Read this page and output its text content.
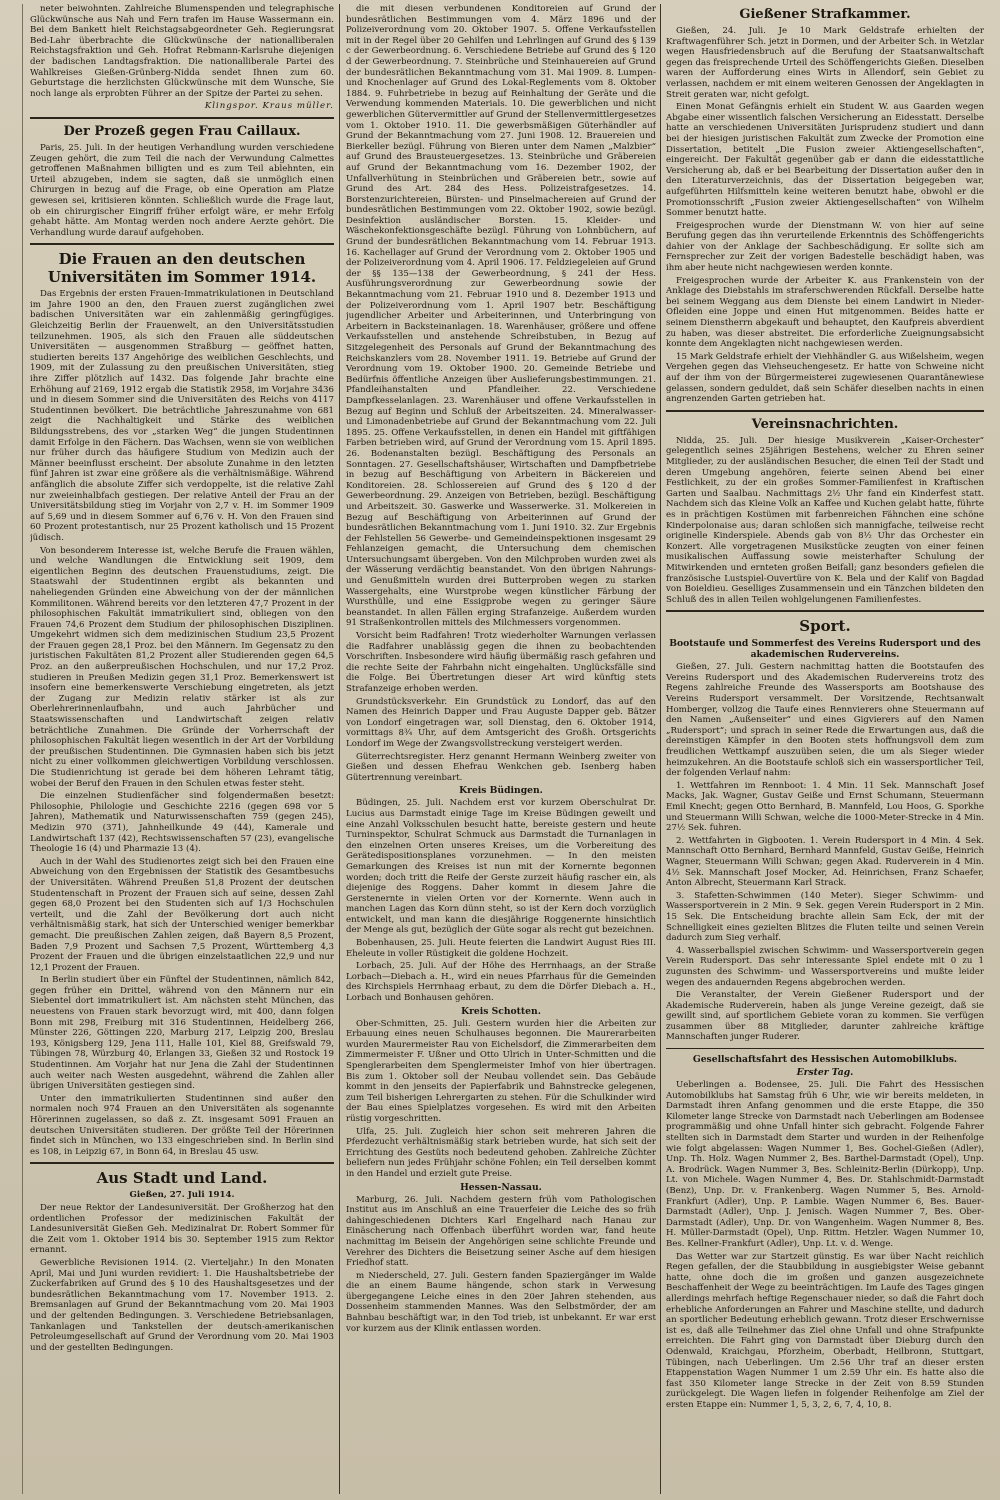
neter beiwohnten. Zahlreiche Blumenspenden und telegraphische Glückwünsche aus Nah und Fern trafen im Hause Wassermann ein. Bei dem Bankett hielt Reichstagsabgeordneter Geh. Regierungsrat Bed-Lahr überbrachte die Glückwünsche der nationalliberalen Reichstagsfraktion und Geh. Hofrat Rebmann-Karlsruhe diejenigen der badischen Landtagsfraktion. Die nationalliberale Partei des Wahlkreises Gießen-Grünberg-Nidda sendet Ihnen zum 60. Geburtstage die herzlichsten Glückwünsche mit dem Wunsche, Sie noch lange als erprobten Führer an der Spitze der Partei zu sehen.

Klingspor. Kraus müller.
Der Prozeß gegen Frau Caillaux.

Paris, 25. Juli. In der heutigen Verhandlung wurden verschiedene Zeugen gehört, die zum Teil die nach der Verwundung Calmettes getroffenen Maßnahmen billigten und es zum Teil ablehnten, ein Urteil abzugeben, indem sie sagten, daß sie unmöglich einen Chirurgen in bezug auf die Frage, ob eine Operation am Platze gewesen sei, kritisieren könnten. Schließlich wurde die Frage laut, ob ein chirurgischer Eingriff früher erfolgt wäre, er mehr Erfolg gehabt hätte. Am Montag werden noch andere Aerzte gehört. Die Verhandlung wurde darauf aufgehoben.

Die Frauen an den deutschen Universitäten im Sommer 1914.

Das Ergebnis der ersten Frauen-Immatrikulationen in Deutschland im Jahre 1900 an den, den Frauen zuerst zugänglichen zwei badischen Universitäten war ein zahlenmäßig geringfügiges. Gleichzeitig Berlin der Frauenwelt, an den Universitätsstudien teilzunehmen. 1905, als sich den Frauen alle süddeutschen Universitäten — ausgenommen Straßburg — geöffnet hatten, studierten bereits 137 Angehörige des weiblichen Geschlechts, und 1909, mit der Zulassung zu den preußischen Universitäten, stieg ihre Ziffer plötzlich auf 1432. Das folgende Jahr brachte eine Erhöhung auf 2169, 1912 ergab die Statistik 2958, im Vorjahre 3436 und in diesem Sommer sind die Universitäten des Reichs von 4117 Studentinnen bevölkert. Die beträchtliche Jahreszunahme von 681 zeigt die Nachhaltigkeit und Stärke des weiblichen Bildungsstrebens, des vor „starken Weg“ die jungen Studentinnen damit Erfolge in den Fächern. Das Wachsen, wenn sie von weiblichen nur früher durch das häufigere Studium von Medizin auch der Männer beeinflusst erscheint. Der absolute Zunahme in den letzten fünf Jahren ist zwar eine größere als die verhältnismäßige. Während anfänglich die absolute Ziffer sich verdoppelte, ist die relative Zahl nur zweieinhalbfach gestiegen. Der relative Anteil der Frau an der Universitätsbildung stieg im Vorjahr von 2,7 v. H. im Sommer 1909 auf 5,69 und in diesem Sommer auf 6,76 v. H. Von den Frauen sind 60 Prozent protestantisch, nur 25 Prozent katholisch und 15 Prozent jüdisch.

Von besonderem Interesse ist, welche Berufe die Frauen wählen, und welche Wandlungen die Entwicklung seit 1909, dem eigentlichen Beginn des deutschen Frauenstudiums, zeigt. Die Staatswahl der Studentinnen ergibt als bekannten und naheliegenden Gründen eine Abweichung von der der männlichen Kommilitonen. Während bereits vor den letzteren 47,7 Prozent in der philosophischen Fakultät immatrikuliert sind, obliegen von den Frauen 74,6 Prozent dem Studium der philosophischen Disziplinen. Umgekehrt widmen sich dem medizinischen Studium 23,5 Prozent der Frauen gegen 28,1 Proz. bei den Männern. Im Gegensatz zu den juristischen Fakultäten 81,2 Prozent aller Studierenden gegen 64,5 Proz. an den außerpreußischen Hochschulen, und nur 17,2 Proz. studieren in Preußen Medizin gegen 31,1 Proz. Bemerkenswert ist insofern eine bemerkenswerte Verschiebung eingetreten, als jetzt der Zugang zur Medizin relativ stärker ist als zur Oberlehrerinnenlaufbahn, und auch Jahrbücher und Staatswissenschaften und Landwirtschaft zeigen relativ beträchtliche Zunahmen. Die Gründe der Vorherrschaft der philosophischen Fakultät liegen wesentlich in der Art der Vorbildung der preußischen Studentinnen. Die Gymnasien haben sich bis jetzt nicht zu einer vollkommen gleichwertigen Vorbildung verschlossen. Die Studienrichtung ist gerade bei dem höheren Lehramt tätig, wobei der Beruf den Frauen in den Schulen etwas fester steht.

Die einzelnen Studienfächer sind folgendermaßen besetzt: Philosophie, Philologie und Geschichte 2216 (gegen 698 vor 5 Jahren), Mathematik und Naturwissenschaften 759 (gegen 245), Medizin 970 (371), Jahnheilkunde 49 (44), Kamerale und Landwirtschaft 137 (42), Rechtswissenschaften 57 (23), evangelische Theologie 16 (4) und Pharmazie 13 (4).

Auch in der Wahl des Studienortes zeigt sich bei den Frauen eine Abweichung von den Ergebnissen der Statistik des Gesamtbesuchs der Universitäten. Während Preußen 51,8 Prozent der deutschen Studentenschaft in Prozent der Frauen sich auf seine, dessen Zahl gegen 68,0 Prozent bei den Studenten sich auf 1/3 Hochschulen verteilt, und die Zahl der Bevölkerung dort auch nicht verhältnismäßig stark, hat sich der Unterschied weniger bemerkbar gemacht. Die preußischen Zahlen zeigen, daß Bayern 8,5 Prozent, Baden 7,9 Prozent und Sachsen 7,5 Prozent, Württemberg 4,3 Prozent der Frauen und die übrigen einzelstaatlichen 22,9 und nur 12,1 Prozent der Frauen.

In Berlin studiert über ein Fünftel der Studentinnen, nämlich 842, gegen früher ein Drittel, während von den Männern nur ein Siebentel dort immatrikuliert ist. Am nächsten steht München, das neuestens von Frauen stark bevorzugt wird, mit 400, dann folgen Bonn mit 298, Freiburg mit 316 Studentinnen, Heidelberg 266, Münster 226, Göttingen 220, Marburg 217, Leipzig 200, Breslau 193, Königsberg 129, Jena 111, Halle 101, Kiel 88, Greifswald 79, Tübingen 78, Würzburg 40, Erlangen 33, Gießen 32 und Rostock 19 Studentinnen. Am Vorjahr hat nur Jena die Zahl der Studentinnen auch weiter nach Westen ausgedehnt, während die Zahlen aller übrigen Universitäten gestiegen sind.

Unter den immatrikulierten Studentinnen sind außer den normalen noch 974 Frauen an den Universitäten als sogenannte Hörerinnen zugelassen, so daß z. Zt. insgesamt 5091 Frauen an deutschen Universitäten studieren. Der größte Teil der Hörerinnen findet sich in München, wo 133 eingeschrieben sind. In Berlin sind es 108, in Leipzig 67, in Bonn 64, in Breslau 45 usw.

Aus Stadt und Land.
Gießen, 27. Juli 1914.

Der neue Rektor der Landesuniversität. Der Großherzog hat den ordentlichen Professor der medizinischen Fakultät der Landesuniversität Gießen Geh. Medizinalrat Dr. Robert Sommer für die Zeit vom 1. Oktober 1914 bis 30. September 1915 zum Rektor ernannt.

Gewerbliche Revisionen 1914. (2. Vierteljahr.) In den Monaten April, Mai und Juni wurden revidiert: 1. Die Haushaltsbetriebe der Zuckerfabriken auf Grund des § 10 des Haushaltsgesetzes und der bundesrätlichen Bekanntmachung vom 17. November 1913. 2. Bremsanlagen auf Grund der Bekanntmachung vom 20. Mai 1903 und der geltenden Bedingungen. 3. Verschiedene Betriebsanlagen, Tankanlagen und Tankstellen der deutsch-amerikanischen Petroleumgesellschaft auf Grund der Verordnung vom 20. Mai 1903 und der gestellten Bedingungen.

die mit diesen verbundenen Konditoreien auf Grund der bundesrätlichen Bestimmungen vom 4. März 1896 und der Polizeiverordnung vom 20. Oktober 1907. 5. Offene Verkaufsstellen mit in der Regel über 20 Gehilfen und Lehrlingen auf Grund des § 139 c der Gewerbeordnung. 6. Verschiedene Betriebe auf Grund des § 120 d der Gewerbeordnung. 7. Steinbrüche und Steinhauereien auf Grund der bundesrätlichen Bekanntmachung vom 31. Mai 1909. 8. Lumpen- und Knochenlager auf Grund des Lokal-Reglements vom 8. Oktober 1884. 9. Fuhrbetriebe in bezug auf Reinhaltung der Geräte und die Verwendung kommenden Materials. 10. Die gewerblichen und nicht gewerblichen Gütervermittler auf Grund der Stellenvermittlergesetzes vom 1. Oktober 1910. 11. Die gewerbsmäßigen Güterhändler auf Grund der Bekanntmachung vom 27. Juni 1908. 12. Brauereien und Bierkeller bezügl. Führung von Bieren unter dem Namen „Malzbier“ auf Grund des Brausteuergesetzes. 13. Steinbrüche und Gräbereien auf Grund der Bekanntmachung vom 16. Dezember 1902, der Unfallverhütung in Steinbrüchen und Gräbereien betr., sowie auf Grund des Art. 284 des Hess. Polizeistrafgesetzes. 14. Borstenzurichtereien, Bürsten- und Pinselmachereien auf Grund der bundesrätlichen Bestimmungen vom 22. Oktober 1902, sowie bezügl. Desinfektion ausländischer Borsten. 15. Kleider- und Wäschekonfektionsgeschäfte bezügl. Führung von Lohnbüchern, auf Grund der bundesrätlichen Bekanntmachung vom 14. Februar 1913. 16. Kachellager auf Grund der Verordnung vom 2. Oktober 1905 und der Polizeiverordnung vom 4. April 1906. 17. Feldziegeleien auf Grund der §§ 135—138 der Gewerbeordnung, § 241 der Hess. Ausführungsverordnung zur Gewerbeordnung sowie der Bekanntmachung vom 21. Februar 1910 und 8. Dezember 1913 und der Polizeiverordnung vom 1. April 1907 betr. Beschäftigung jugendlicher Arbeiter und Arbeiterinnen, und Unterbringung von Arbeitern in Backsteinanlagen. 18. Warenhäuser, größere und offene Verkaufsstellen und anstehende Schreibstuben, in Bezug auf Sitzgelegenheit des Personals auf Grund der Bekanntmachung des Reichskanzlers vom 28. November 1911. 19. Betriebe auf Grund der Verordnung vom 19. Oktober 1900. 20. Gemeinde Betriebe und Bedürfnis öffentliche Anzeigen über Auslieferungsbestimmungen. 21. Pfandleihanstalten und Pfandleiher. 22. Verschiedene Dampfkesselanlagen. 23. Warenhäuser und offene Verkaufsstellen in Bezug auf Beginn und Schluß der Arbeitszeiten. 24. Mineralwasser- und Limonadenbetriebe auf Grund der Bekanntmachung vom 22. Juli 1895. 25. Offene Verkaufsstellen, in denen ein Handel mit giftfähigen Farben betrieben wird, auf Grund der Verordnung vom 15. April 1895. 26. Bodenanstalten bezügl. Beschäftigung des Personals an Sonntagen. 27. Gesellschaftshäuser, Wirtschaften und Dampfbetriebe in bezug auf Beschäftigung von Arbeitern in Bäckereien und Konditoreien. 28. Schlossereien auf Grund des § 120 d der Gewerbeordnung. 29. Anzeigen von Betrieben, bezügl. Beschäftigung und Arbeitszeit. 30. Gaswerke und Wasserwerke. 31. Molkereien in Bezug auf Beschäftigung von Arbeiterinnen auf Grund der bundesrätlichen Bekanntmachung vom 1. Juni 1910. 32. Zur Ergebnis der Fehlstellen 56 Gewerbe- und Gemeindeinspektionen insgesamt 29 Fehlanzeigen gemacht, die Untersuchung dem chemischen Untersuchungsamt übergeben. Von den Milchproben wurden zwei als der Wässerung verdächtig beanstandet. Von den übrigen Nahrungs- und Genußmitteln wurden drei Butterproben wegen zu starken Wassergehalts, eine Wurstprobe wegen künstlicher Färbung der Wursthülle, und eine Essigprobe wegen zu geringer Säure beanstandet. In allen Fällen erging Strafanzeige. Außerdem wurden 91 Straßenkontrollen mittels des Milchmessers vorgenommen.

Vorsicht beim Radfahren! Trotz wiederholter Warnungen verlassen die Radfahrer unablässig gegen die ihnen zu beobachtenden Vorschriften. Insbesondere wird häufig übermäßig rasch gefahren und die rechte Seite der Fahrbahn nicht eingehalten. Unglücksfälle sind die Folge. Bei Übertretungen dieser Art wird künftig stets Strafanzeige erhoben werden.

Grundstücksverkehr. Ein Grundstück zu Londorf, das auf den Namen des Heinrich Dapper und Frau Auguste Dapper geb. Bätzer von Londorf eingetragen war, soll Dienstag, den 6. Oktober 1914, vormittags 8¾ Uhr, auf dem Amtsgericht des Großh. Ortsgerichts Londorf im Wege der Zwangsvollstreckung versteigert werden.

Güterrechtsregister. Herz genannt Hermann Weinberg zweiter von Gießen und dessen Ehefrau Wenkchen geb. Isenberg haben Gütertrennung vereinbart.

Kreis Büdingen.

Büdingen, 25. Juli. Nachdem erst vor kurzem Oberschulrat Dr. Lucius aus Darmstadt einige Tage im Kreise Büdingen geweilt und eine Anzahl Volksschulen besucht hatte, bereiste gestern und heute Turninspektor, Schulrat Schmuck aus Darmstadt die Turnanlagen in den einzelnen Orten unseres Kreises, um die Vorbereitung des Gerätedispositionsplanes vorzunehmen. — In den meisten Gemarkungen des Kreises ist nun mit der Kornernte begonnen worden; doch tritt die Reife der Gerste zurzeit häufig rascher ein, als diejenige des Roggens. Daher kommt in diesem Jahre die Gerstenernte in vielen Orten vor der Kornernte. Wenn auch in manchen Lagen das Korn dünn steht, so ist der Kern doch vorzüglich entwickelt, und man kann die diesjährige Roggenernte hinsichtlich der Menge als gut, bezüglich der Güte sogar als recht gut bezeichnen.

Bobenhausen, 25. Juli. Heute feierten die Landwirt August Ries III. Eheleute in voller Rüstigkeit die goldene Hochzeit.

Lorbach, 25. Juli. Auf der Höhe des Herrnhaags, an der Straße Lorbach—Diebach a. H., wird ein neues Pfarrhaus für die Gemeinden des Kirchspiels Herrnhaag erbaut, zu dem die Dörfer Diebach a. H., Lorbach und Bonhausen gehören.

Kreis Schotten.

Ober-Schmitten, 25. Juli. Gestern wurden hier die Arbeiten zur Erbauung eines neuen Schulhauses begonnen. Die Maurerarbeiten wurden Maurermeister Rau von Eichelsdorf, die Zimmerarbeiten dem Zimmermeister F. Ußner und Otto Ulrich in Unter-Schmitten und die Spenglerarbeiten dem Spenglermeister Imhof von hier übertragen. Bis zum 1. Oktober soll der Neubau vollendet sein. Das Gebäude kommt in den jenseits der Papierfabrik und Bahnstrecke gelegenen, zum Teil bisherigen Lehrergarten zu stehen. Für die Schulkinder wird der Bau eines Spielplatzes vorgesehen. Es wird mit den Arbeiten rüstig vorgeschritten.

Ulfa, 25. Juli. Zugleich hier schon seit mehreren Jahren die Pferdezucht verhältnismäßig stark betrieben wurde, hat sich seit der Errichtung des Gestüts noch bedeutend gehoben. Zahlreiche Züchter beliefern nun jedes Frühjahr schöne Fohlen; ein Teil derselben kommt in den Handel und erzielt gute Preise.

Hessen-Nassau.

Marburg, 26. Juli. Nachdem gestern früh vom Pathologischen Institut aus im Anschluß an eine Trauerfeier die Leiche des so früh dahingeschiedenen Dichters Karl Engelhard nach Hanau zur Einäscherung nach Offenbach überführt worden war, fand heute nachmittag im Beisein der Angehörigen seine schlichte Freunde und Verehrer des Dichters die Beisetzung seiner Asche auf dem hiesigen Friedhof statt.

m Niederscheld, 27. Juli. Gestern fanden Spaziergänger im Walde die an einem Baume hängende, schon stark in Verwesung übergegangene Leiche eines in den 20er Jahren stehenden, aus Dossenheim stammenden Mannes. Was den Selbstmörder, der am Bahnbau beschäftigt war, in den Tod trieb, ist unbekannt. Er war erst vor kurzem aus der Klinik entlassen worden.

Gießener Strafkammer.

Gießen, 24. Juli. Je 10 Mark Geldstrafe erhielten der Kraftwagenführer Sch. jetzt in Dormen, und der Arbeiter Sch. in Wetzlar wegen Hausfriedensbruch auf die Berufung der Staatsanwaltschaft gegen das freisprechende Urteil des Schöffengerichts Gießen. Dieselben waren der Aufforderung eines Wirts in Allendorf, sein Gebiet zu verlassen, nachdem er mit einem weiteren Genossen der Angeklagten in Streit geraten war, nicht gefolgt.

Einen Monat Gefängnis erhielt ein Student W. aus Gaarden wegen Abgabe einer wissentlich falschen Versicherung an Eidesstatt. Derselbe hatte an verschiedenen Universitäten Jurisprudenz studiert und dann bei der hiesigen juristischen Fakultät zum Zwecke der Promotion eine Dissertation, betitelt „Die Fusion zweier Aktiengesellschaften“, eingereicht. Der Fakultät gegenüber gab er dann die eidesstattliche Versicherung ab, daß er bei Bearbeitung der Dissertation außer den in den Literaturverzeichnis, das der Dissertation beigegeben war, aufgeführten Hilfsmitteln keine weiteren benutzt habe, obwohl er die Promotionsschrift „Fusion zweier Aktiengesellschaften“ von Wilhelm Sommer benutzt hatte.

Freigesprochen wurde der Dienstmann W. von hier auf seine Berufung gegen das ihn verurteilende Erkenntnis des Schöffengerichts dahier von der Anklage der Sachbeschädigung. Er sollte sich am Fernsprecher zur Zeit der vorigen Badestelle beschädigt haben, was ihm aber heute nicht nachgewiesen werden konnte.

Freigesprochen wurde der Arbeiter K. aus Frankenstein von der Anklage des Diebstahls im straferschwerenden Rückfall. Derselbe hatte bei seinem Weggang aus dem Dienste bei einem Landwirt in Nieder-Ofleiden eine Joppe und einen Hut mitgenommen. Beides hatte er seinem Dienstherrn abgekauft und behauptet, den Kaufpreis abverdient zu haben, was dieser abstreitet. Die erforderliche Zueignungsabsicht konnte dem Angeklagten nicht nachgewiesen werden.

15 Mark Geldstrafe erhielt der Viehhändler G. aus Wißelsheim, wegen Vergehen gegen das Viehseuchengesetz. Er hatte von Schweine nicht auf der ihm von der Bürgermeisterei zugewiesenen Quarantänewiese gelassen, sondern geduldet, daß sein Schäfer dieselben nachts in einen angrenzenden Garten getrieben hat.

Vereinsnachrichten.

Nidda, 25. Juli. Der hiesige Musikverein „Kaiser-Orchester“ gelegentlich seines 25jährigen Bestehens, welcher zu Ehren seiner Mitglieder, zu der ausländischen Besucher, die einen Teil der Stadt und deren Umgebung angehören, feierte seinen Abend bei einer Festlichkeit, zu der ein großes Sommer-Familienfest in Kraftischen Garten und Saalbau. Nachmittags 2½ Uhr fand ein Kinderfest statt. Nachdem sich das Kleine Volk an Kaffee und Kuchen gelabt hatte, führte es in prächtigen Kostümen mit farbenreichen Fähnchen eine schöne Kinderpolonaise aus; daran schloßen sich mannigfache, teilweise recht originelle Kinderspiele. Abends gab von 8½ Uhr das Orchester ein Konzert. Alle vorgetragenen Musikstücke zeugten von einer feinen musikalischen Auffassung sowie meisterhafter Schulung der Mitwirkenden und ernteten großen Beifall; ganz besonders gefielen die französische Lustspiel-Ouvertüre von K. Bela und der Kalif von Bagdad von Boieldieu. Geselliges Zusammensein und ein Tänzchen bildeten den Schluß des in allen Teilen wohlgelungenen Familienfestes.

Sport.
Bootstaufe und Sommerfest des Vereins Rudersport und des akademischen Rudervereins.

Gießen, 27. Juli. Gestern nachmittag hatten die Bootstaufen des Vereins Rudersport und des Akademischen Rudervereins trotz des Regens zahlreiche Freunde des Wassersports am Bootshause des Vereins Rudersport versammelt. Der Vorsitzende, Rechtsanwalt Homberger, vollzog die Taufe eines Rennvierers ohne Steuermann auf den Namen „Außenseiter“ und eines Gigvierers auf den Namen „Rudersport“; und sprach in seiner Rede die Erwartungen aus, daß die dereinstigen Kämpfer in den Booten stets hoffnungsvoll dem zum freudlichen Wettkampf auszuüben seien, die um als Sieger wieder heimzukehren. An die Bootstaufe schloß sich ein wassersportlicher Teil, der folgenden Verlauf nahm:

1. Wettfahren im Rennboot: 1. 4 Min. 11 Sek. Mannschaft Josef Macks, Jak. Wagner, Gustav Geiße und Ernst Schumann, Steuermann Emil Knecht; gegen Otto Bernhard, B. Mannfeld, Lou Hoos, G. Sporkhe und Steuermann Willi Schwan, welche die 1000-Meter-Strecke in 4 Min. 27½ Sek. fuhren.

2. Wettfahrten in Gigbooten. 1. Verein Rudersport in 4 Min. 4 Sek. Mannschaft Otto Bernhard, Bernhard Mannfeld, Gustav Geiße, Heinrich Wagner, Steuermann Willi Schwan; gegen Akad. Ruderverein in 4 Min. 4½ Sek. Mannschaft Josef Mocker, Ad. Heinrichsen, Franz Schaefer, Anton Albrecht, Steuermann Karl Strack.

3. Stafetten-Schwimmen (140 Meter). Sieger Schwimm- und Wassersportverein in 2 Min. 9 Sek. gegen Verein Rudersport in 2 Min. 15 Sek. Die Entscheidung brachte allein Sam Eck, der mit der Schnelligkeit eines gezielten Blitzes die Fluten teilte und seinen Verein dadurch zum Sieg verhalf.

4. Wasserballspiel zwischen Schwimm- und Wassersportverein gegen Verein Rudersport. Das sehr interessante Spiel endete mit 0 zu 1 zugunsten des Schwimm- und Wassersportvereins und mußte leider wegen des andauernden Regens abgebrochen werden.

Die Veranstalter, der Verein Gießener Rudersport und der Akademische Ruderverein, haben als junge Vereine gezeigt, daß sie gewillt sind, auf sportlichem Gebiete voran zu kommen. Sie verfügen zusammen über 88 Mitglieder, darunter zahlreiche kräftige Mannschaften junger Ruderer.

Gesellschaftsfahrt des Hessischen Automobilklubs.
Erster Tag.

Ueberlingen a. Bodensee, 25. Juli. Die Fahrt des Hessischen Automobilklubs hat Samstag früh 6 Uhr, wie wir bereits meldeten, in Darmstadt ihren Anfang genommen und die erste Etappe, die 350 Kilometer lange Strecke von Darmstadt nach Ueberlingen am Bodensee programmäßig und ohne Unfall hinter sich gebracht. Folgende Fahrer stellten sich in Darmstadt dem Starter und wurden in der Reihenfolge wie folgt abgelassen: Wagen Nummer 1, Bes. Gochel-Gießen (Adler), Unp. Th. Holz. Wagen Nummer 2, Bes. Barthel-Darmstadt (Opel), Unp. A. Brodrück. Wagen Nummer 3, Bes. Schleinitz-Berlin (Dürkopp), Unp. Lt. von Michele. Wagen Nummer 4, Bes. Dr. Stahlschmidt-Darmstadt (Benz), Unp. Dr. v. Frankenberg. Wagen Nummer 5, Bes. Arnold-Frankfurt (Adler), Unp. P. Lambie. Wagen Nummer 6, Bes. Bauer-Darmstadt (Adler), Unp. J. Jenisch. Wagen Nummer 7, Bes. Ober-Darmstadt (Adler), Unp. Dr. von Wangenheim. Wagen Nummer 8, Bes. H. Müller-Darmstadt (Opel), Unp. Rittm. Hetzler. Wagen Nummer 10, Bes. Kellner-Frankfurt (Adler), Unp. Lt. v. d. Wenge.

Das Wetter war zur Startzeit günstig. Es war über Nacht reichlich Regen gefallen, der die Staubbildung in ausgiebigster Weise gebannt hatte, ohne doch die im großen und ganzen ausgezeichnete Beschaffenheit der Wege zu beeinträchtigen. Im Laufe des Tages gingen allerdings mehrfach heftige Regenschauer nieder, so daß die Fahrt doch erhebliche Anforderungen an Fahrer und Maschine stellte, und dadurch an sportlicher Bedeutung erheblich gewann. Trotz dieser Erschwernisse ist es, daß alle Teilnehmer das Ziel ohne Unfall und ohne Strafpunkte erreichten. Die Fahrt ging von Darmstadt über Dieburg durch den Odenwald, Kraichgau, Pforzheim, Oberbadt, Heilbronn, Stuttgart, Tübingen, nach Ueberlingen. Um 2.56 Uhr traf an dieser ersten Etappenstation Wagen Nummer 1 um 2.59 Uhr ein. Es hatte also die fast 350 Kilometer lange Strecke in der Zeit von 8.59 Stunden zurückgelegt. Die Wagen liefen in folgender Reihenfolge am Ziel der ersten Etappe ein: Nummer 1, 5, 3, 2, 6, 7, 4, 10, 8.
